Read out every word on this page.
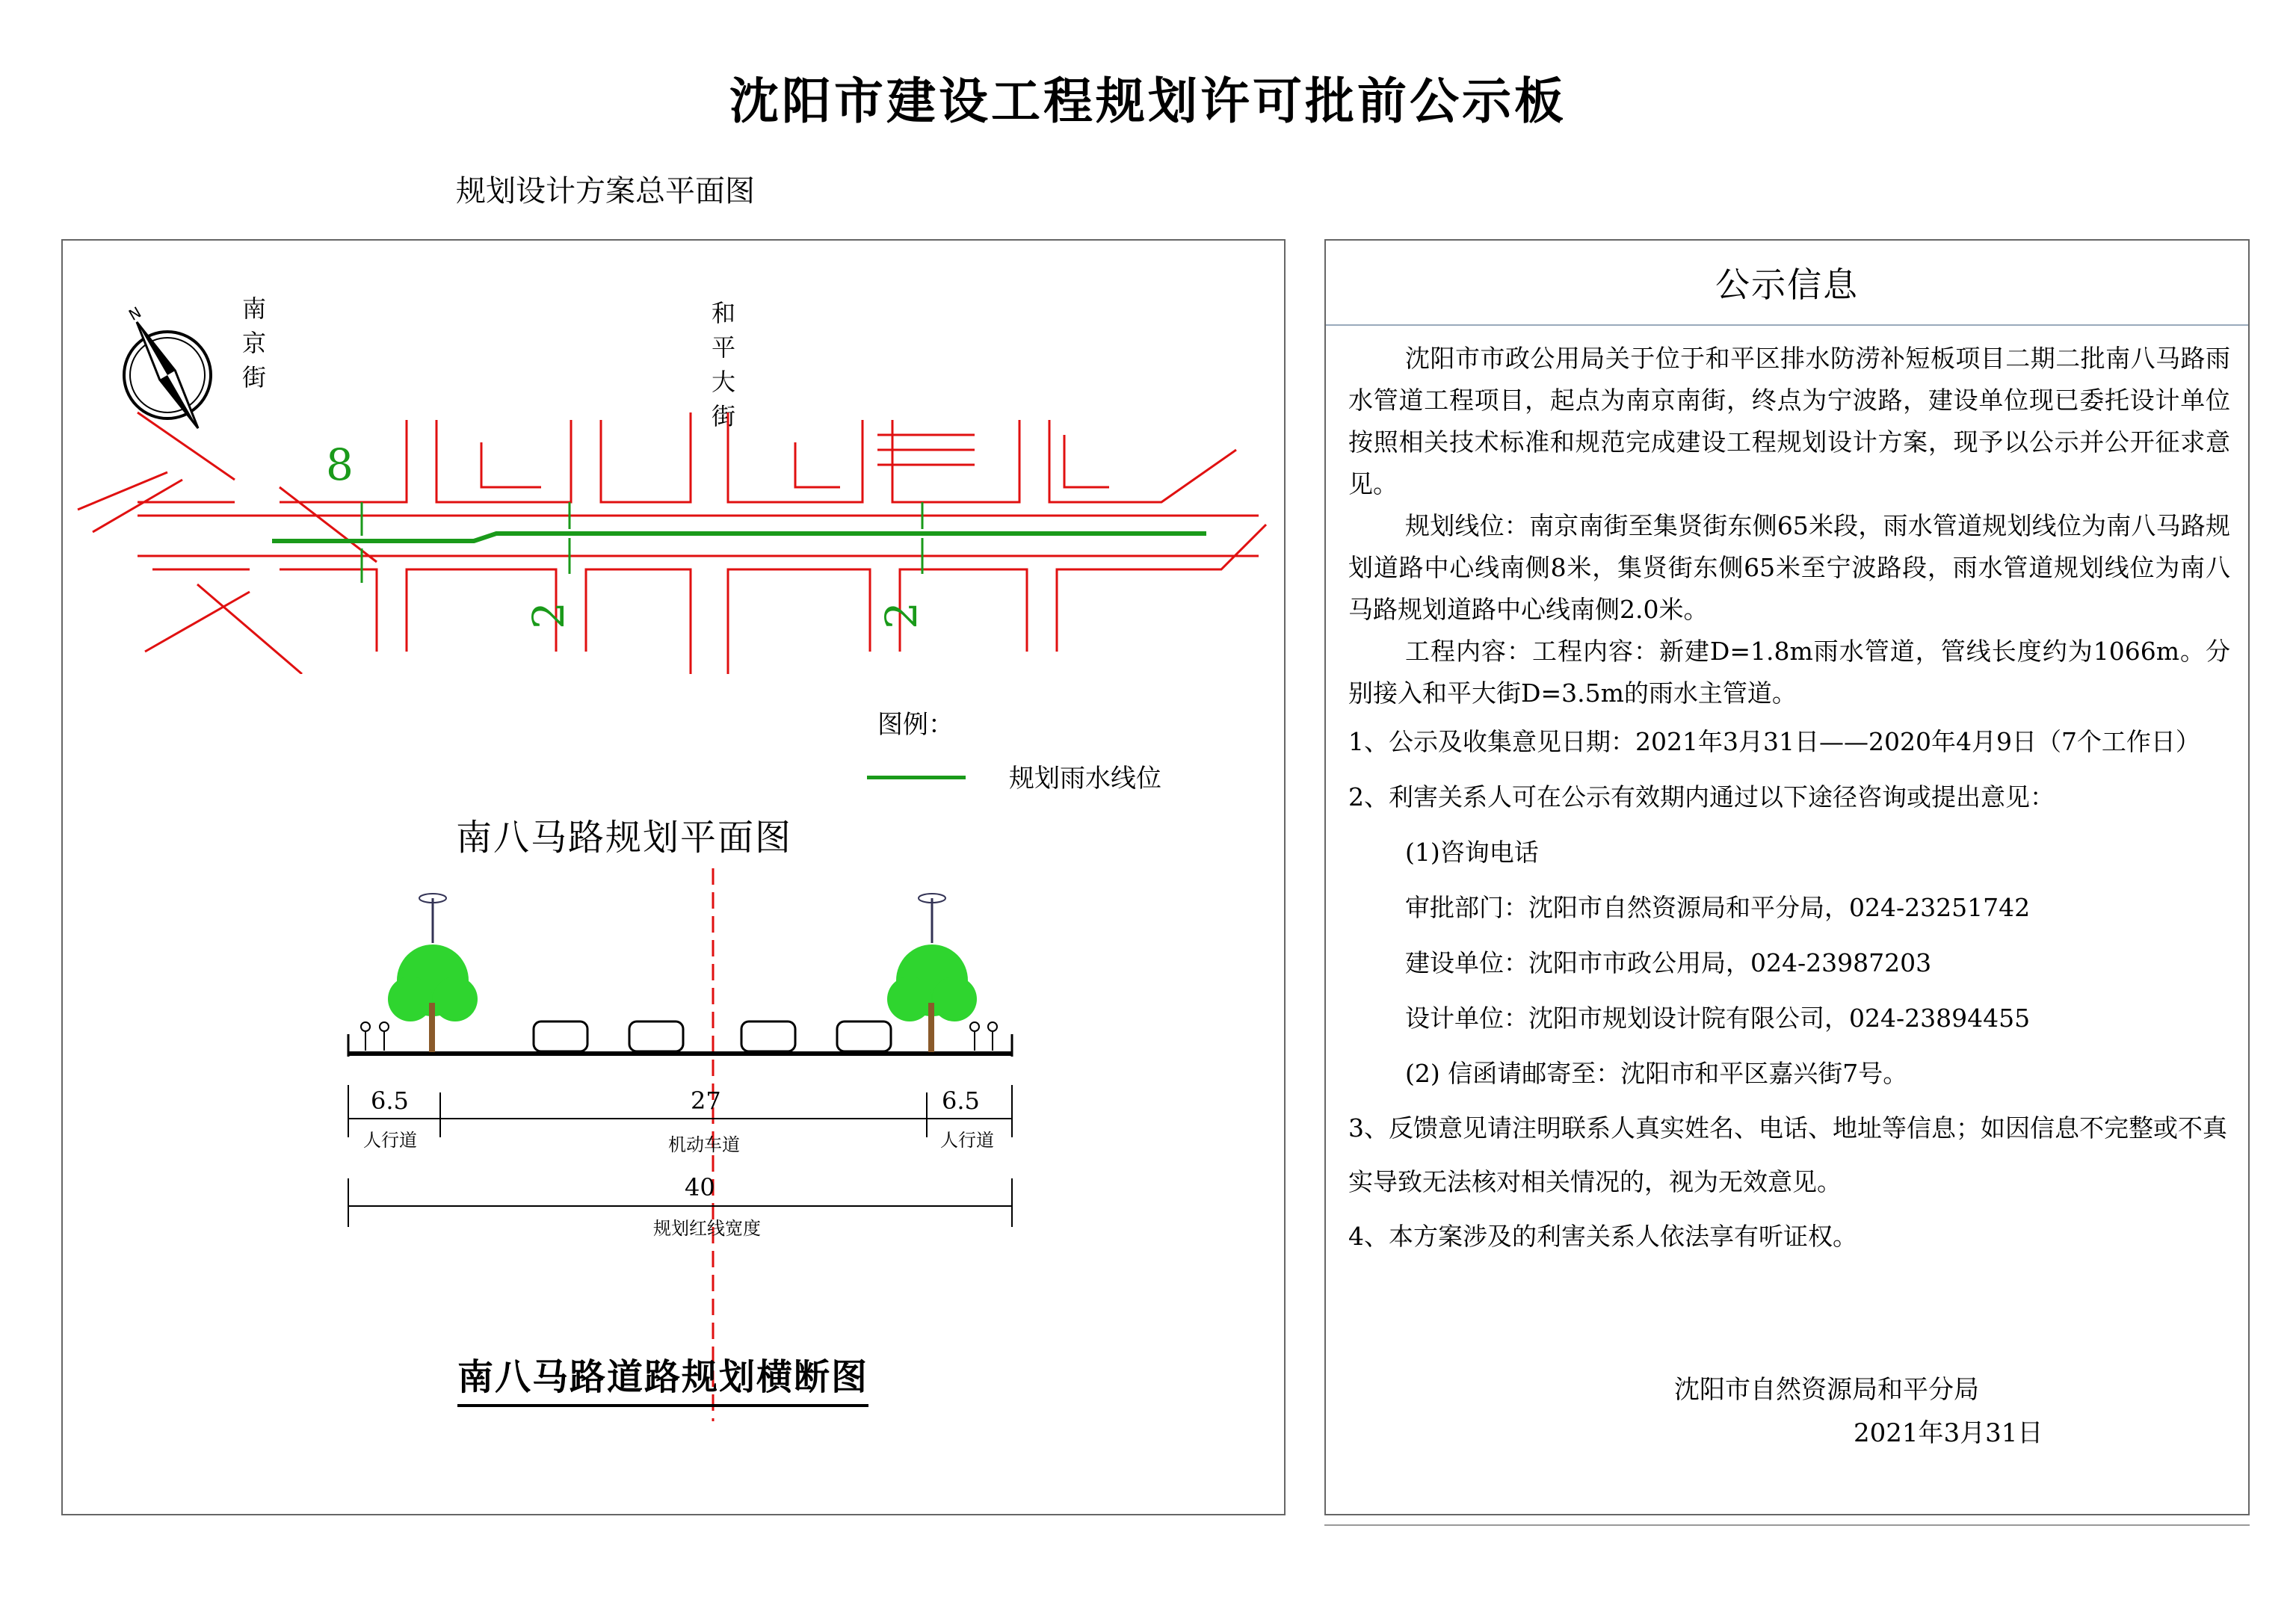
沈阳市建设工程规划许可批前公示板
规划设计方案总平面图
N	南
京
街
和
平
大
街
8
2	2
图例：
规划雨水线位
南八马路规划平面图
6.5	27	6.5
人行道	机动车道	人行道
40
规划红线宽度
南八马路道路规划横断图
公示信息

沈阳市市政公用局关于位于和平区排水防涝补短板项目二期二批南八马路雨水管道工程项目，起点为南京南街，终点为宁波路，建设单位现已委托设计单位按照相关技术标准和规范完成建设工程规划设计方案，现予以公示并公开征求意见。

规划线位：南京南街至集贤街东侧65米段，雨水管道规划线位为南八马路规划道路中心线南侧8米，集贤街东侧65米至宁波路段，雨水管道规划线位为南八马路规划道路中心线南侧2.0米。

工程内容：工程内容：新建D=1.8m雨水管道，管线长度约为1066m。分别接入和平大街D=3.5m的雨水主管道。

1、公示及收集意见日期：2021年3月31日——2020年4月9日（7个工作日）

2、利害关系人可在公示有效期内通过以下途径咨询或提出意见：

(1)咨询电话

审批部门：沈阳市自然资源局和平分局，024-23251742

建设单位：沈阳市市政公用局，024-23987203

设计单位：沈阳市规划设计院有限公司，024-23894455

(2) 信函请邮寄至：沈阳市和平区嘉兴街7号。

3、反馈意见请注明联系人真实姓名、电话、地址等信息；如因信息不完整或不真实导致无法核对相关情况的，视为无效意见。

4、本方案涉及的利害关系人依法享有听证权。

沈阳市自然资源局和平分局
2021年3月31日
